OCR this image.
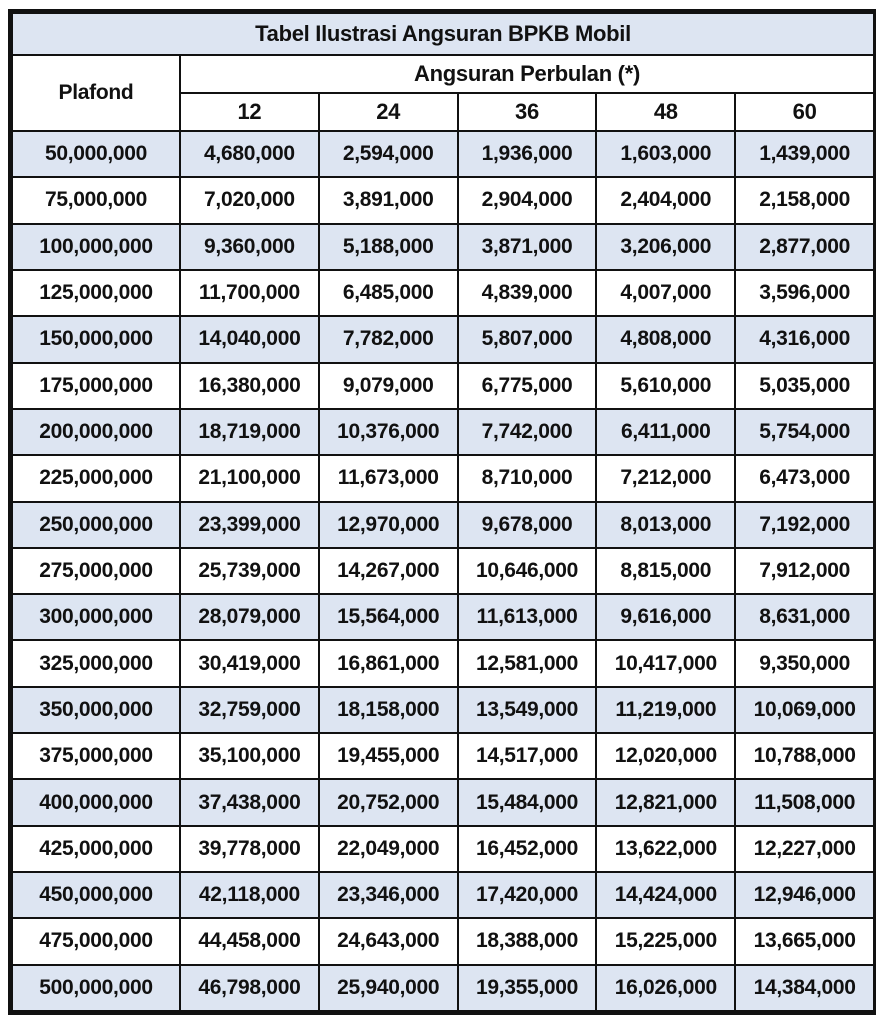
Tabel Ilustrasi Angsuran BPKB Mobil					
Plafond	Angsuran Perbulan (*)				
	12	24	36	48	60
50,000,000	4,680,000	2,594,000	1,936,000	1,603,000	1,439,000
75,000,000	7,020,000	3,891,000	2,904,000	2,404,000	2,158,000
100,000,000	9,360,000	5,188,000	3,871,000	3,206,000	2,877,000
125,000,000	11,700,000	6,485,000	4,839,000	4,007,000	3,596,000
150,000,000	14,040,000	7,782,000	5,807,000	4,808,000	4,316,000
175,000,000	16,380,000	9,079,000	6,775,000	5,610,000	5,035,000
200,000,000	18,719,000	10,376,000	7,742,000	6,411,000	5,754,000
225,000,000	21,100,000	11,673,000	8,710,000	7,212,000	6,473,000
250,000,000	23,399,000	12,970,000	9,678,000	8,013,000	7,192,000
275,000,000	25,739,000	14,267,000	10,646,000	8,815,000	7,912,000
300,000,000	28,079,000	15,564,000	11,613,000	9,616,000	8,631,000
325,000,000	30,419,000	16,861,000	12,581,000	10,417,000	9,350,000
350,000,000	32,759,000	18,158,000	13,549,000	11,219,000	10,069,000
375,000,000	35,100,000	19,455,000	14,517,000	12,020,000	10,788,000
400,000,000	37,438,000	20,752,000	15,484,000	12,821,000	11,508,000
425,000,000	39,778,000	22,049,000	16,452,000	13,622,000	12,227,000
450,000,000	42,118,000	23,346,000	17,420,000	14,424,000	12,946,000
475,000,000	44,458,000	24,643,000	18,388,000	15,225,000	13,665,000
500,000,000	46,798,000	25,940,000	19,355,000	16,026,000	14,384,000
